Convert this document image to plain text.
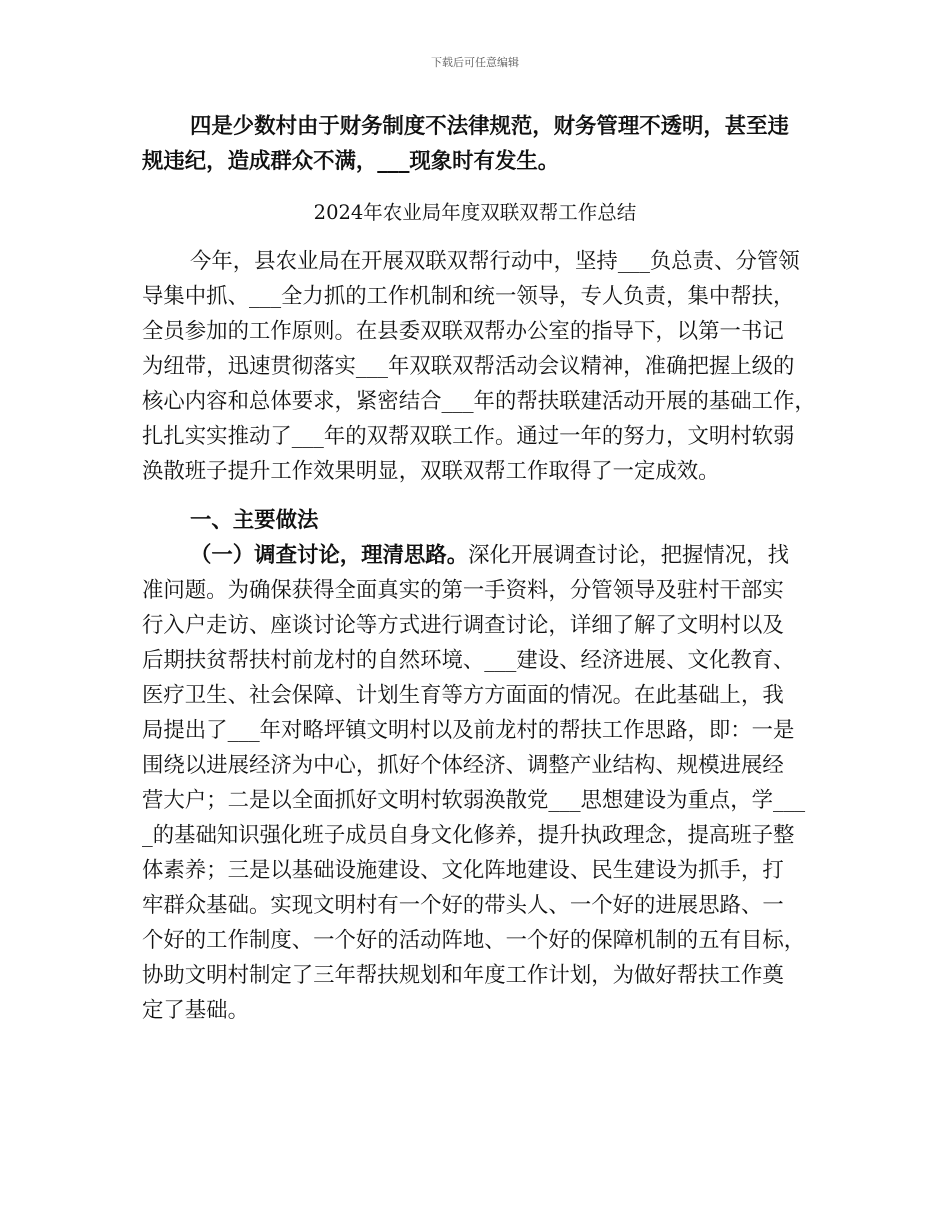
下载后可任意编辑
四是少数村由于财务制度不法律规范，财务管理不透明，甚至违
规违纪，造成群众不满，___现象时有发生。
2024年农业局年度双联双帮工作总结
今年，县农业局在开展双联双帮行动中，坚持___负总责、分管领
导集中抓、___全力抓的工作机制和统一领导，专人负责，集中帮扶，
全员参加的工作原则。在县委双联双帮办公室的指导下，以第一书记
为纽带，迅速贯彻落实___年双联双帮活动会议精神，准确把握上级的
核心内容和总体要求，紧密结合___年的帮扶联建活动开展的基础工作，
扎扎实实推动了___年的双帮双联工作。通过一年的努力，文明村软弱
涣散班子提升工作效果明显，双联双帮工作取得了一定成效。
一、主要做法
（一）调查讨论，理清思路。深化开展调查讨论，把握情况，找
准问题。为确保获得全面真实的第一手资料，分管领导及驻村干部实
行入户走访、座谈讨论等方式进行调查讨论，详细了解了文明村以及
后期扶贫帮扶村前龙村的自然环境、___建设、经济进展、文化教育、
医疗卫生、社会保障、计划生育等方方面面的情况。在此基础上，我
局提出了___年对略坪镇文明村以及前龙村的帮扶工作思路，即：一是
围绕以进展经济为中心，抓好个体经济、调整产业结构、规模进展经
营大户；二是以全面抓好文明村软弱涣散党___思想建设为重点，学___
_的基础知识强化班子成员自身文化修养，提升执政理念，提高班子整
体素养；三是以基础设施建设、文化阵地建设、民生建设为抓手，打
牢群众基础。实现文明村有一个好的带头人、一个好的进展思路、一
个好的工作制度、一个好的活动阵地、一个好的保障机制的五有目标，
协助文明村制定了三年帮扶规划和年度工作计划，为做好帮扶工作奠
定了基础。
